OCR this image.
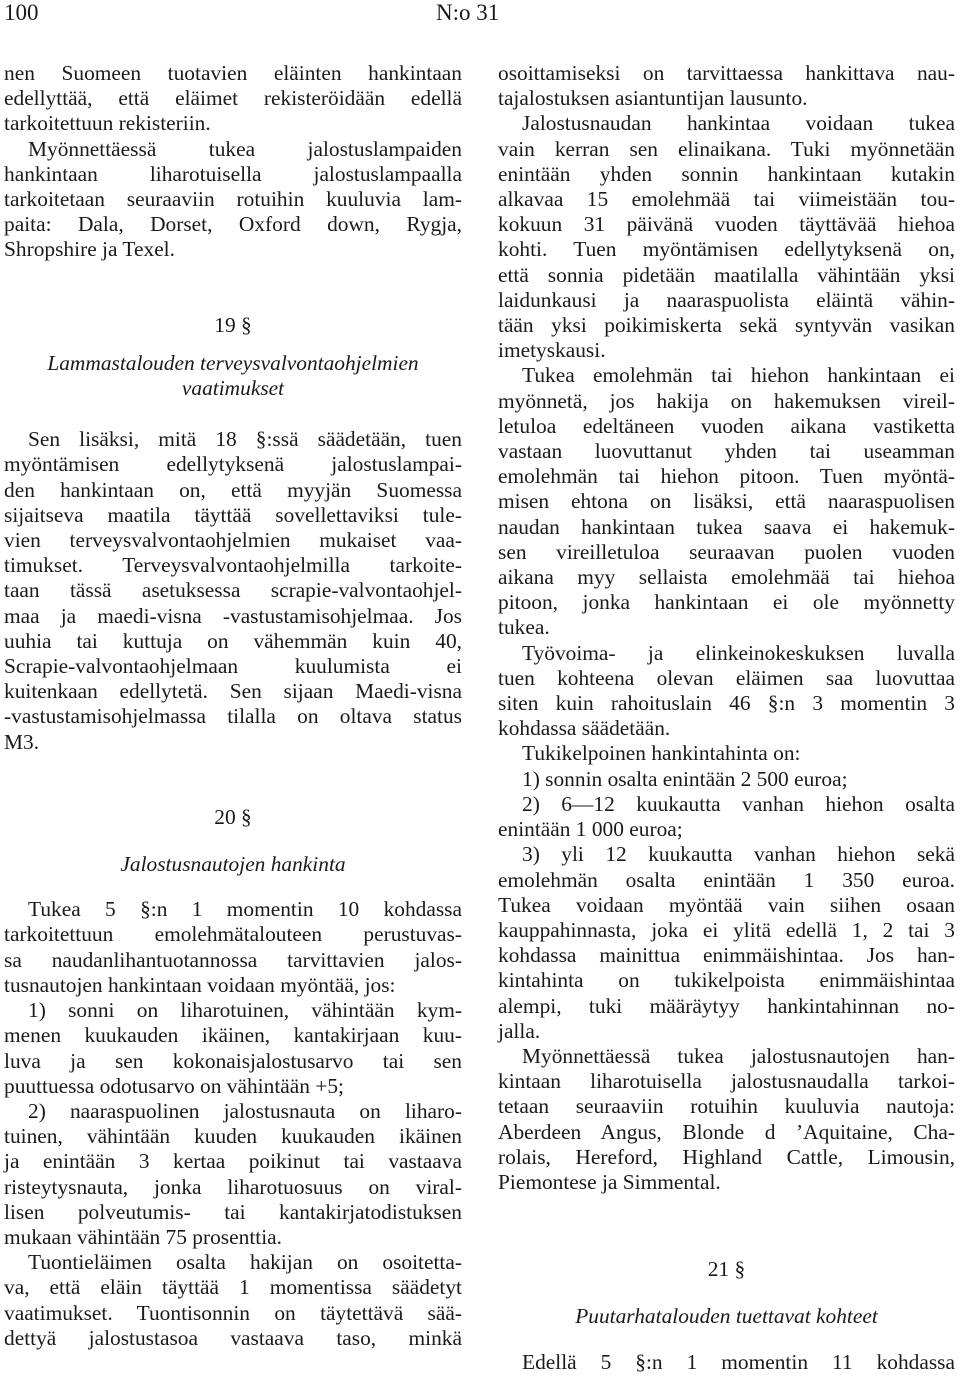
100	N:o 31
nen Suomeen tuotavien eläinten hankintaan
edellyttää, että eläimet rekisteröidään edellä
tarkoitettuun rekisteriin.
Myönnettäessä tukea jalostuslampaiden
hankintaan liharotuisella jalostuslampaalla
tarkoitetaan seuraaviin rotuihin kuuluvia lam-
paita: Dala, Dorset, Oxford down, Rygja,
Shropshire ja Texel.
19 §
Lammastalouden terveysvalvontaohjelmien
vaatimukset
Sen lisäksi, mitä 18 §:ssä säädetään, tuen
myöntämisen edellytyksenä jalostuslampai-
den hankintaan on, että myyjän Suomessa
sijaitseva maatila täyttää sovellettaviksi tule-
vien terveysvalvontaohjelmien mukaiset vaa-
timukset. Terveysvalvontaohjelmilla tarkoite-
taan tässä asetuksessa scrapie-valvontaohjel-
maa ja maedi-visna -vastustamisohjelmaa. Jos
uuhia tai kuttuja on vähemmän kuin 40,
Scrapie-valvontaohjelmaan kuulumista ei
kuitenkaan edellytetä. Sen sijaan Maedi-visna
-vastustamisohjelmassa tilalla on oltava status
M3.
20 §
Jalostusnautojen hankinta
Tukea 5 §:n 1 momentin 10 kohdassa
tarkoitettuun emolehmätalouteen perustuvas-
sa naudanlihantuotannossa tarvittavien jalos-
tusnautojen hankintaan voidaan myöntää, jos:
1) sonni on liharotuinen, vähintään kym-
menen kuukauden ikäinen, kantakirjaan kuu-
luva ja sen kokonaisjalostusarvo tai sen
puuttuessa odotusarvo on vähintään +5;
2) naaraspuolinen jalostusnauta on liharo-
tuinen, vähintään kuuden kuukauden ikäinen
ja enintään 3 kertaa poikinut tai vastaava
risteytysnauta, jonka liharotuosuus on viral-
lisen polveutumis- tai kantakirjatodistuksen
mukaan vähintään 75 prosenttia.
Tuontieläimen osalta hakijan on osoitetta-
va, että eläin täyttää 1 momentissa säädetyt
vaatimukset. Tuontisonnin on täytettävä sää-
dettyä jalostustasoa vastaava taso, minkä
osoittamiseksi on tarvittaessa hankittava nau-
tajalostuksen asiantuntijan lausunto.
Jalostusnaudan hankintaa voidaan tukea
vain kerran sen elinaikana. Tuki myönnetään
enintään yhden sonnin hankintaan kutakin
alkavaa 15 emolehmää tai viimeistään tou-
kokuun 31 päivänä vuoden täyttävää hiehoa
kohti. Tuen myöntämisen edellytyksenä on,
että sonnia pidetään maatilalla vähintään yksi
laidunkausi ja naaraspuolista eläintä vähin-
tään yksi poikimiskerta sekä syntyvän vasikan
imetyskausi.
Tukea emolehmän tai hiehon hankintaan ei
myönnetä, jos hakija on hakemuksen vireil-
letuloa edeltäneen vuoden aikana vastiketta
vastaan luovuttanut yhden tai useamman
emolehmän tai hiehon pitoon. Tuen myöntä-
misen ehtona on lisäksi, että naaraspuolisen
naudan hankintaan tukea saava ei hakemuk-
sen vireilletuloa seuraavan puolen vuoden
aikana myy sellaista emolehmää tai hiehoa
pitoon, jonka hankintaan ei ole myönnetty
tukea.
Työvoima- ja elinkeinokeskuksen luvalla
tuen kohteena olevan eläimen saa luovuttaa
siten kuin rahoituslain 46 §:n 3 momentin 3
kohdassa säädetään.
Tukikelpoinen hankintahinta on:
1) sonnin osalta enintään 2 500 euroa;
2) 6—12 kuukautta vanhan hiehon osalta
enintään 1 000 euroa;
3) yli 12 kuukautta vanhan hiehon sekä
emolehmän osalta enintään 1 350 euroa.
Tukea voidaan myöntää vain siihen osaan
kauppahinnasta, joka ei ylitä edellä 1, 2 tai 3
kohdassa mainittua enimmäishintaa. Jos han-
kintahinta on tukikelpoista enimmäishintaa
alempi, tuki määräytyy hankintahinnan no-
jalla.
Myönnettäessä tukea jalostusnautojen han-
kintaan liharotuisella jalostusnaudalla tarkoi-
tetaan seuraaviin rotuihin kuuluvia nautoja:
Aberdeen Angus, Blonde d ’Aquitaine, Cha-
rolais, Hereford, Highland Cattle, Limousin,
Piemontese ja Simmental.
21 §
Puutarhatalouden tuettavat kohteet
Edellä 5 §:n 1 momentin 11 kohdassa
